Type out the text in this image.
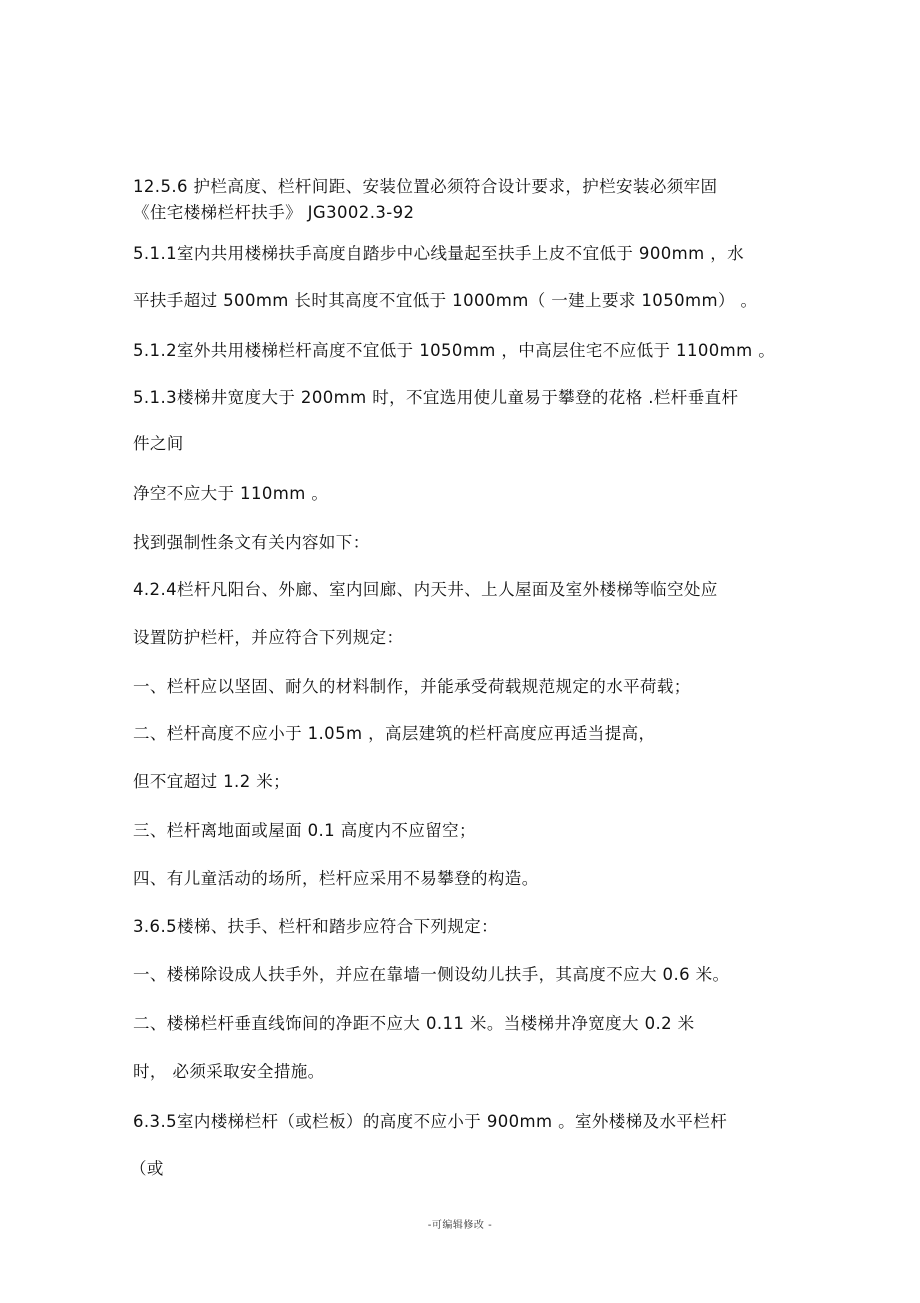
12.5.6 护栏高度、栏杆间距、安装位置必须符合设计要求，护栏安装必须牢固
《住宅楼梯栏杆扶手》 JG3002.3-92
5.1.1室内共用楼梯扶手高度自踏步中心线量起至扶手上皮不宜低于 900mm ，水
平扶手超过 500mm 长时其高度不宜低于 1000mm（ 一建上要求 1050mm） 。
5.1.2室外共用楼梯栏杆高度不宜低于 1050mm ，中高层住宅不应低于 1100mm 。
5.1.3楼梯井宽度大于 200mm 时，不宜选用使儿童易于攀登的花格 .栏杆垂直杆
件之间
净空不应大于 110mm 。
找到强制性条文有关内容如下：
4.2.4栏杆凡阳台、外廊、室内回廊、内天井、上人屋面及室外楼梯等临空处应
设置防护栏杆，并应符合下列规定：
一、栏杆应以坚固、耐久的材料制作，并能承受荷载规范规定的水平荷载；
二、栏杆高度不应小于 1.05m ，高层建筑的栏杆高度应再适当提高，
但不宜超过 1.2 米；
三、栏杆离地面或屋面 0.1 高度内不应留空；
四、有儿童活动的场所，栏杆应采用不易攀登的构造。
3.6.5楼梯、扶手、栏杆和踏步应符合下列规定：
一、楼梯除设成人扶手外，并应在靠墙一侧设幼儿扶手，其高度不应大 0.6 米。
二、楼梯栏杆垂直线饰间的净距不应大 0.11 米。当楼梯井净宽度大 0.2 米
时， 必须采取安全措施。
6.3.5室内楼梯栏杆（或栏板）的高度不应小于 900mm 。室外楼梯及水平栏杆
（或
-可编辑修改 -
